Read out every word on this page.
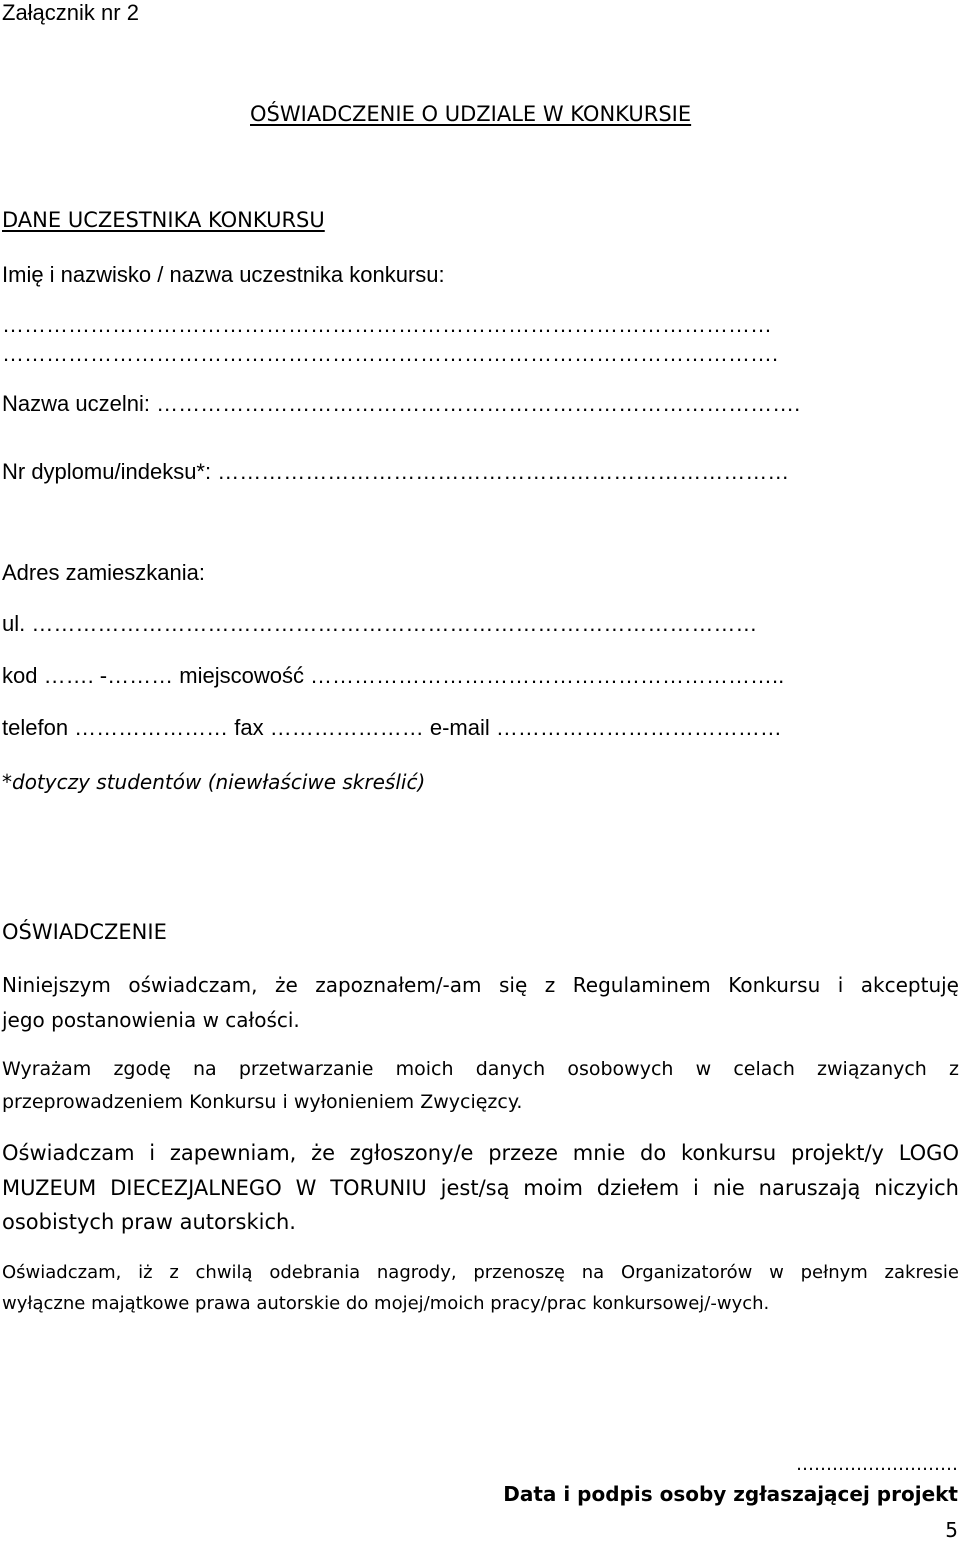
Załącznik nr 2
OŚWIADCZENIE O UDZIALE W KONKURSIE
DANE UCZESTNIKA KONKURSU
Imię i nazwisko / nazwa uczestnika konkursu:
……………………………………………………………………………………………
…………………………………………………………………………………………….
Nazwa uczelni: …………………………………………………………………………….
Nr dyplomu/indeksu*: ……………………………………………………………………
Adres zamieszkania:
ul. ………………………………………………………………………………………
kod ……. -……… miejscowość ………………………………………………………..
telefon ………………… fax ………………… e-mail …………………………………
*dotyczy studentów (niewłaściwe skreślić)
OŚWIADCZENIE
Niniejszym oświadczam, że zapoznałem/-am się z Regulaminem Konkursu i akceptuję
jego postanowienia w całości.
Wyrażam zgodę na przetwarzanie moich danych osobowych w celach związanych z
przeprowadzeniem Konkursu i wyłonieniem Zwycięzcy.
Oświadczam i zapewniam, że zgłoszony/e przeze mnie do konkursu projekt/y LOGO
MUZEUM DIECEZJALNEGO W TORUNIU jest/są moim dziełem i nie naruszają niczyich
osobistych praw autorskich.
Oświadczam, iż z chwilą odebrania nagrody, przenoszę na Organizatorów w pełnym zakresie
wyłączne majątkowe prawa autorskie do mojej/moich pracy/prac konkursowej/-wych.
………………………
Data i podpis osoby zgłaszającej projekt
5
